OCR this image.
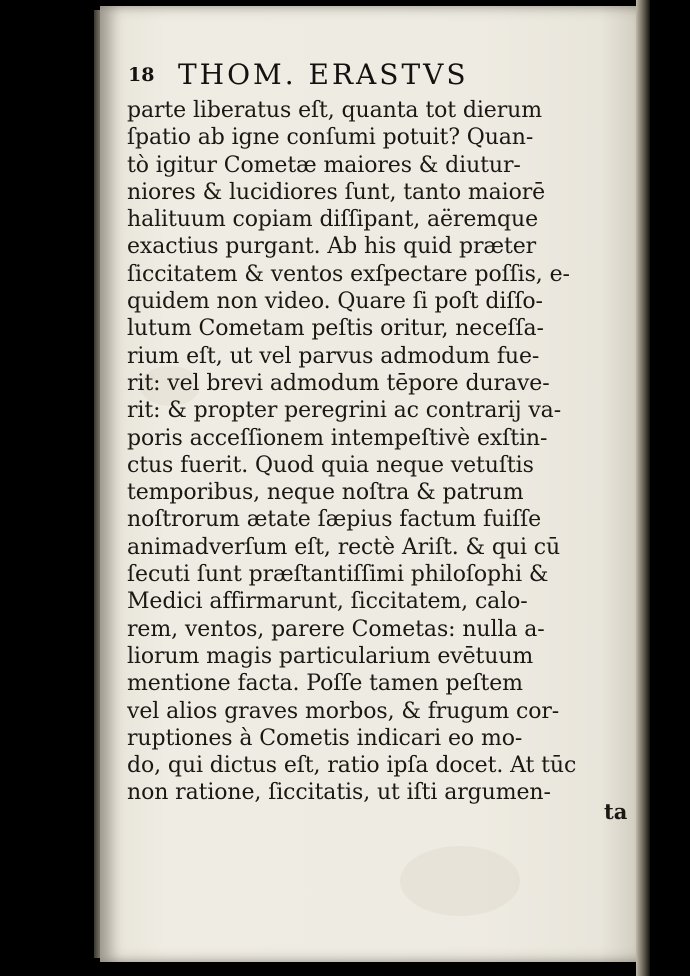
18 THOM. ERASTVS
parte liberatus eſt, quanta tot dierum
ſpatio ab igne conſumi potuit? Quan-
tò igitur Cometæ maiores & diutur-
niores & lucidiores ſunt, tanto maiorē
halituum copiam diſſipant, aëremque
exactius purgant. Ab his quid præter
ſiccitatem & ventos exſpectare poſſis, e-
quidem non video. Quare ſi poſt diſſo-
lutum Cometam peſtis oritur, neceſſa-
rium eſt, ut vel parvus admodum fue-
rit: vel brevi admodum tēpore durave-
rit: & propter peregrini ac contrarij va-
poris acceſſionem intempeſtivè exſtin-
ctus fuerit. Quod quia neque vetuſtis
temporibus, neque noſtra & patrum
noſtrorum ætate ſæpius factum fuiſſe
animadverſum eſt, rectè Ariſt. & qui cū
ſecuti ſunt præſtantiſſimi philoſophi &
Medici affirmarunt, ſiccitatem, calo-
rem, ventos, parere Cometas: nulla a-
liorum magis particularium evētuum
mentione facta. Poſſe tamen peſtem
vel alios graves morbos, & frugum cor-
ruptiones à Cometis indicari eo mo-
do, qui dictus eſt, ratio ipſa docet. At tūc
non ratione, ſiccitatis, ut iſti argumen-
ta
